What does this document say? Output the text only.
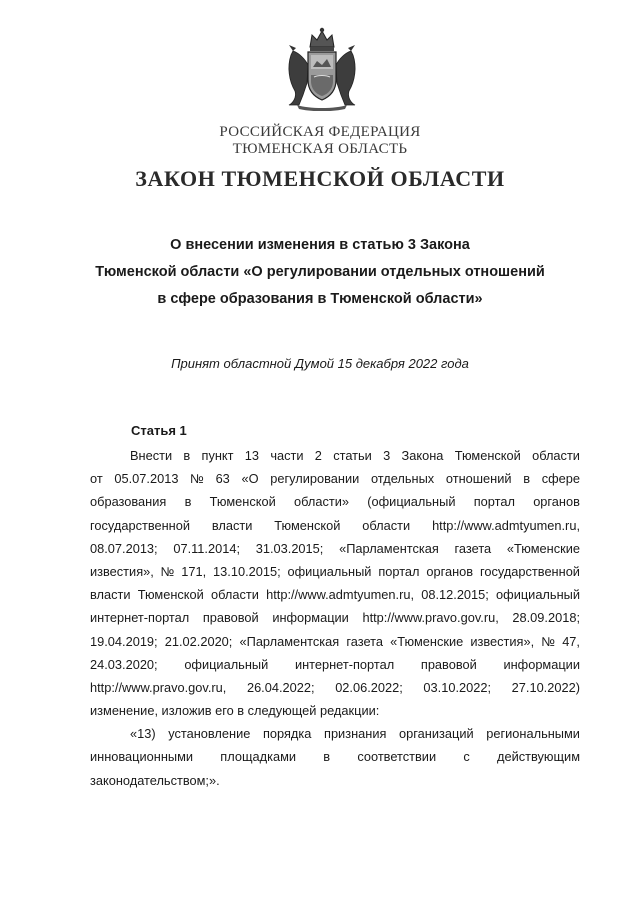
РОССИЙСКАЯ ФЕДЕРАЦИЯ
ТЮМЕНСКАЯ ОБЛАСТЬ
ЗАКОН ТЮМЕНСКОЙ ОБЛАСТИ
О внесении изменения в статью 3 Закона
Тюменской области «О регулировании отдельных отношений
в сфере образования в Тюменской области»
Принят областной Думой 15 декабря 2022 года
Статья 1
Внести в пункт 13 части 2 статьи 3 Закона Тюменской области
от 05.07.2013 № 63 «О регулировании отдельных отношений в сфере
образования в Тюменской области» (официальный портал органов
государственной власти Тюменской области http://www.admtyumen.ru,
08.07.2013; 07.11.2014; 31.03.2015; «Парламентская газета «Тюменские
известия», № 171, 13.10.2015; официальный портал органов государственной
власти Тюменской области http://www.admtyumen.ru, 08.12.2015; официальный
интернет-портал правовой информации http://www.pravo.gov.ru, 28.09.2018;
19.04.2019; 21.02.2020; «Парламентская газета «Тюменские известия», № 47,
24.03.2020; официальный интернет-портал правовой информации
http://www.pravo.gov.ru, 26.04.2022; 02.06.2022; 03.10.2022; 27.10.2022)
изменение, изложив его в следующей редакции:
«13) установление порядка признания организаций региональными
инновационными площадками в соответствии с действующим
законодательством;».
